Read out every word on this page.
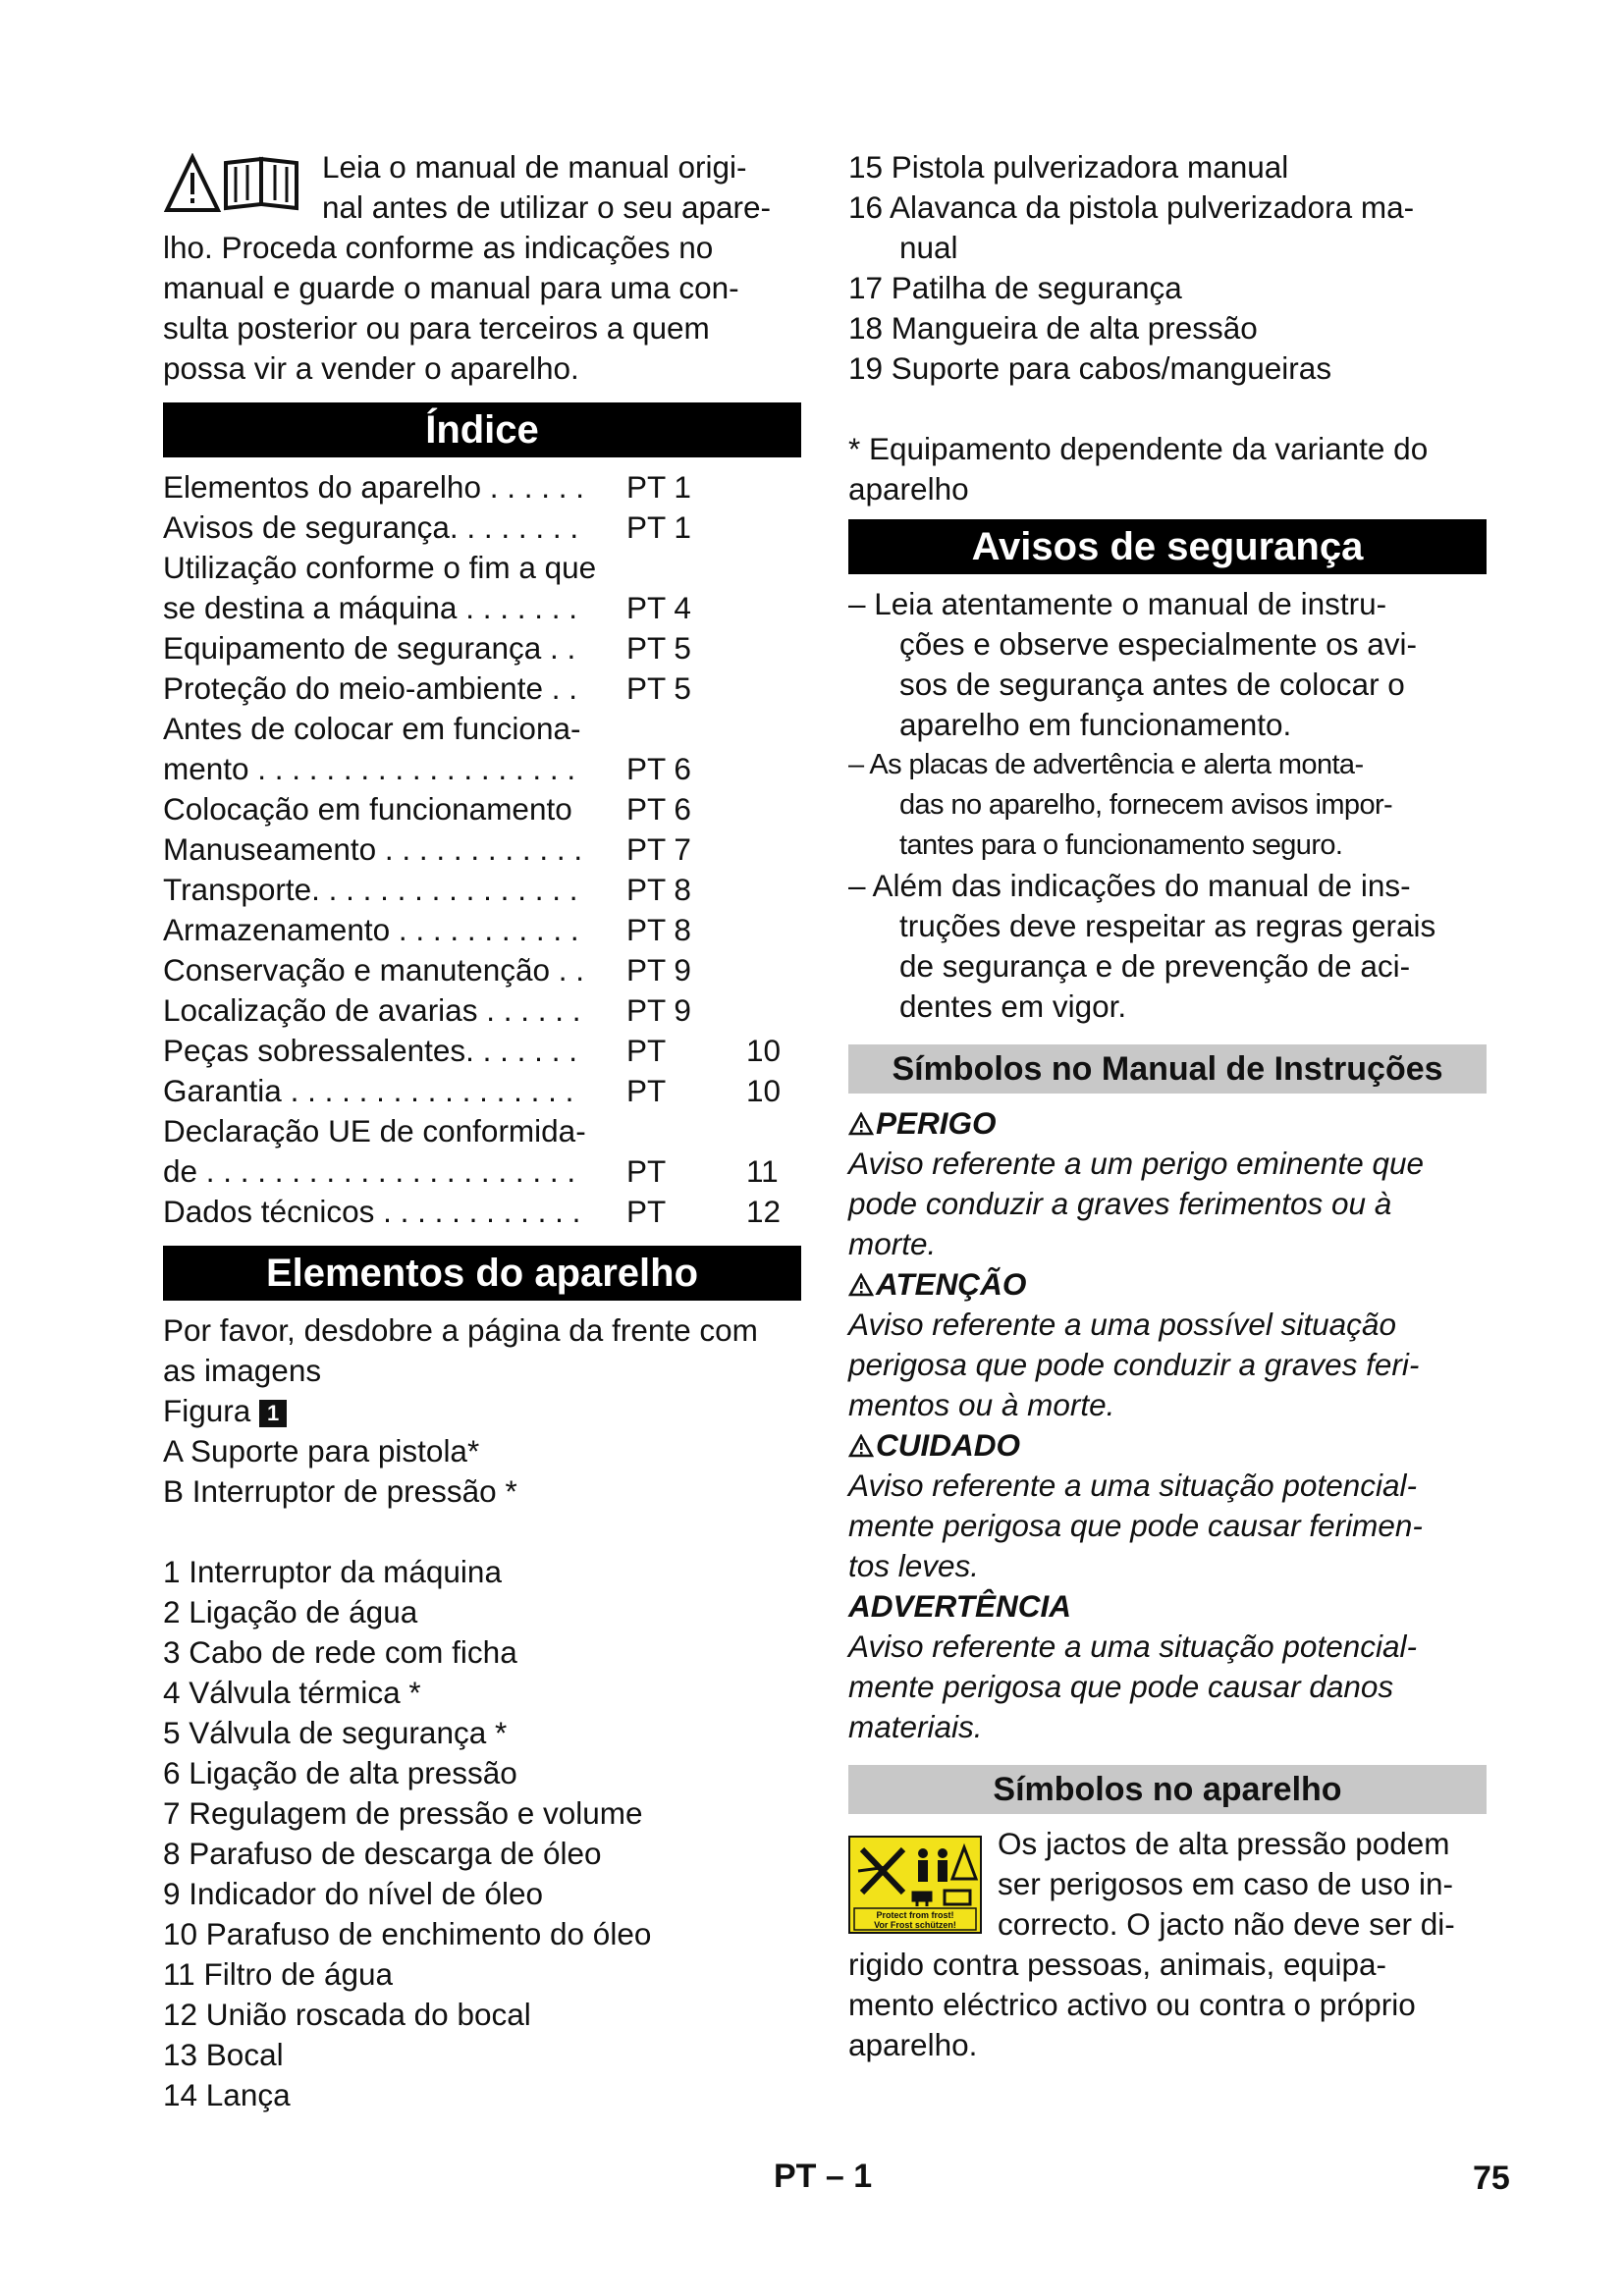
Leia o manual de manual origi-

nal antes de utilizar o seu apare-

lho. Proceda conforme as indicações no

manual e guarde o manual para uma con-

sulta posterior ou para terceiros a quem

possa vir a vender o aparelho.

Índice
Elementos do aparelho . . . . . . PT 1
Avisos de segurança. . . . . . . . PT 1
Utilização conforme o fim a que
se destina a máquina . . . . . . . PT 4
Equipamento de segurança . . PT 5
Proteção do meio-ambiente . . PT 5
Antes de colocar em funciona-
mento . . . . . . . . . . . . . . . . . . . PT 6
Colocação em funcionamento PT 6
Manuseamento . . . . . . . . . . . . PT 7
Transporte. . . . . . . . . . . . . . . . PT 8
Armazenamento . . . . . . . . . . . PT 8
Conservação e manutenção . . PT 9
Localização de avarias . . . . . . PT 9
Peças sobressalentes. . . . . . . PT	10
Garantia . . . . . . . . . . . . . . . . . PT	10
Declaração UE de conformida-
de . . . . . . . . . . . . . . . . . . . . . . PT	11
Dados técnicos . . . . . . . . . . . . PT	12
Elementos do aparelho

Por favor, desdobre a página da frente com

as imagens

Figura 1

A Suporte para pistola*
B Interruptor de pressão *
1 Interruptor da máquina
2 Ligação de água
3 Cabo de rede com ficha
4 Válvula térmica *
5 Válvula de segurança *
6 Ligação de alta pressão
7 Regulagem de pressão e volume
8 Parafuso de descarga de óleo
9 Indicador do nível de óleo
10 Parafuso de enchimento do óleo
11 Filtro de água
12 União roscada do bocal
13 Bocal
14 Lança
15 Pistola pulverizadora manual
16 Alavanca da pistola pulverizadora ma-
nual
17 Patilha de segurança
18 Mangueira de alta pressão
19 Suporte para cabos/mangueiras

* Equipamento dependente da variante do

aparelho

Avisos de segurança
– Leia atentamente o manual de instru-
ções e observe especialmente os avi-
sos de segurança antes de colocar o
aparelho em funcionamento.
– As placas de advertência e alerta monta-
das no aparelho, fornecem avisos impor-
tantes para o funcionamento seguro.
– Além das indicações do manual de ins-
truções deve respeitar as regras gerais
de segurança e de prevenção de aci-
dentes em vigor.
Símbolos no Manual de Instruções

PERIGO

Aviso referente a um perigo eminente que

pode conduzir a graves ferimentos ou à

morte.

ATENÇÃO

Aviso referente a uma possível situação

perigosa que pode conduzir a graves feri-

mentos ou à morte.

CUIDADO

Aviso referente a uma situação potencial-

mente perigosa que pode causar ferimen-

tos leves.

ADVERTÊNCIA

Aviso referente a uma situação potencial-

mente perigosa que pode causar danos

materiais.

Símbolos no aparelho
Protect from frost!
Vor Frost schützen!

Os jactos de alta pressão podem

ser perigosos em caso de uso in-

correcto. O jacto não deve ser di-

rigido contra pessoas, animais, equipa-

mento eléctrico activo ou contra o próprio

aparelho.

PT – 1	75
